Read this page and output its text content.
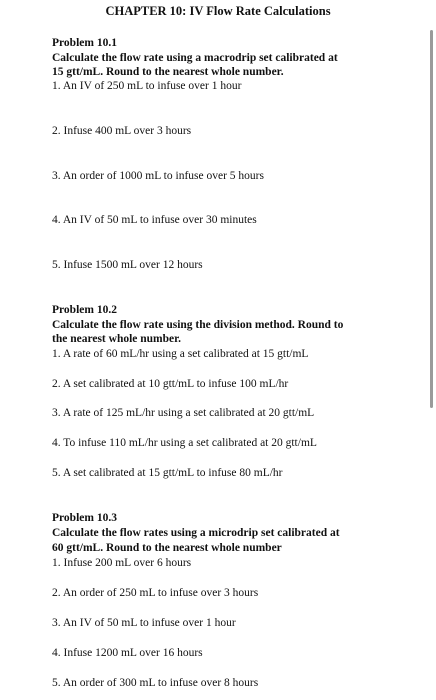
CHAPTER 10: IV Flow Rate Calculations
Problem 10.1
Calculate the flow rate using a macrodrip set calibrated at
15 gtt/mL. Round to the nearest whole number.
1. An IV of 250 mL to infuse over 1 hour
2. Infuse 400 mL over 3 hours
3. An order of 1000 mL to infuse over 5 hours
4. An IV of 50 mL to infuse over 30 minutes
5. Infuse 1500 mL over 12 hours
Problem 10.2
Calculate the flow rate using the division method. Round to
the nearest whole number.
1. A rate of 60 mL/hr using a set calibrated at 15 gtt/mL
2. A set calibrated at 10 gtt/mL to infuse 100 mL/hr
3. A rate of 125 mL/hr using a set calibrated at 20 gtt/mL
4. To infuse 110 mL/hr using a set calibrated at 20 gtt/mL
5. A set calibrated at 15 gtt/mL to infuse 80 mL/hr
Problem 10.3
Calculate the flow rates using a microdrip set calibrated at
60 gtt/mL. Round to the nearest whole number
1. Infuse 200 mL over 6 hours
2. An order of 250 mL to infuse over 3 hours
3. An IV of 50 mL to infuse over 1 hour
4. Infuse 1200 mL over 16 hours
5. An order of 300 mL to infuse over 8 hours
